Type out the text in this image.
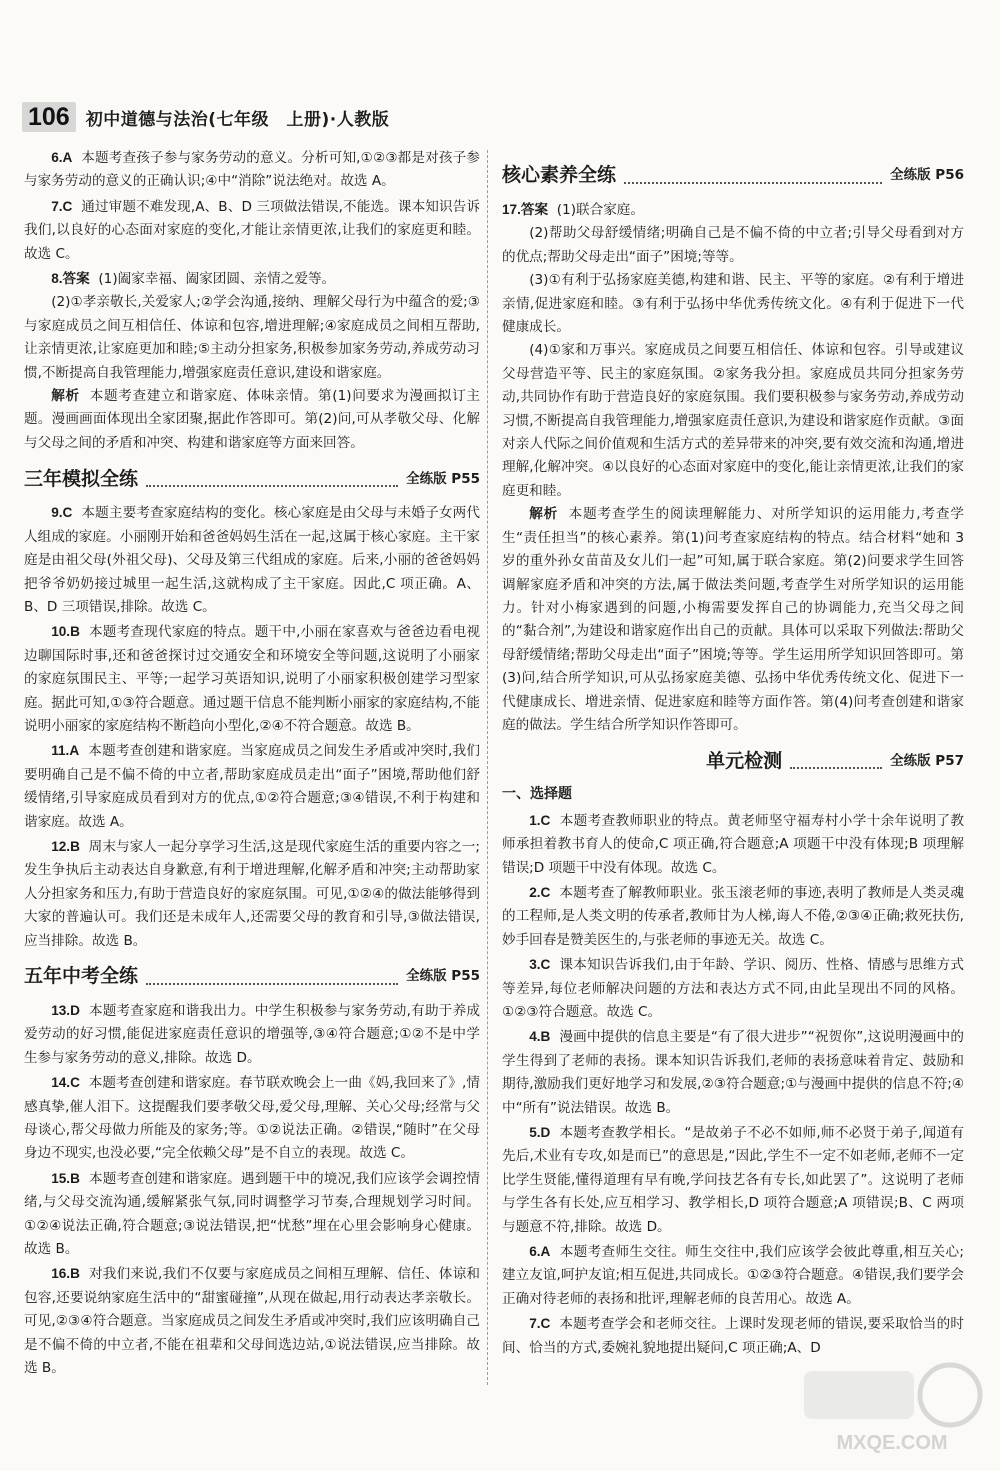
106 初中道德与法治(七年级　上册)·人教版

6.A 本题考查孩子参与家务劳动的意义。分析可知,①②③都是对孩子参与家务劳动的意义的正确认识;④中“消除”说法绝对。故选 A。

7.C 通过审题不难发现,A、B、D 三项做法错误,不能选。课本知识告诉我们,以良好的心态面对家庭的变化,才能让亲情更浓,让我们的家庭更和睦。故选 C。

8.答案 (1)阖家幸福、阖家团圆、亲情之爱等。

(2)①孝亲敬长,关爱家人;②学会沟通,接纳、理解父母行为中蕴含的爱;③与家庭成员之间互相信任、体谅和包容,增进理解;④家庭成员之间相互帮助,让亲情更浓,让家庭更加和睦;⑤主动分担家务,积极参加家务劳动,养成劳动习惯,不断提高自我管理能力,增强家庭责任意识,建设和谐家庭。

解析 本题考查建立和谐家庭、体味亲情。第(1)问要求为漫画拟订主题。漫画画面体现出全家团聚,据此作答即可。第(2)问,可从孝敬父母、化解与父母之间的矛盾和冲突、构建和谐家庭等方面来回答。

三年模拟全练	全练版 P55

9.C 本题主要考查家庭结构的变化。核心家庭是由父母与未婚子女两代人组成的家庭。小丽刚开始和爸爸妈妈生活在一起,这属于核心家庭。主干家庭是由祖父母(外祖父母)、父母及第三代组成的家庭。后来,小丽的爸爸妈妈把爷爷奶奶接过城里一起生活,这就构成了主干家庭。因此,C 项正确。A、B、D 三项错误,排除。故选 C。

10.B 本题考查现代家庭的特点。题干中,小丽在家喜欢与爸爸边看电视边聊国际时事,还和爸爸探讨过交通安全和环境安全等问题,这说明了小丽家的家庭氛围民主、平等;一起学习英语知识,说明了小丽家积极创建学习型家庭。据此可知,①③符合题意。通过题干信息不能判断小丽家的家庭结构,不能说明小丽家的家庭结构不断趋向小型化,②④不符合题意。故选 B。

11.A 本题考查创建和谐家庭。当家庭成员之间发生矛盾或冲突时,我们要明确自己是不偏不倚的中立者,帮助家庭成员走出“面子”困境,帮助他们舒缓情绪,引导家庭成员看到对方的优点,①②符合题意;③④错误,不利于构建和谐家庭。故选 A。

12.B 周末与家人一起分享学习生活,这是现代家庭生活的重要内容之一;发生争执后主动表达自身歉意,有利于增进理解,化解矛盾和冲突;主动帮助家人分担家务和压力,有助于营造良好的家庭氛围。可见,①②④的做法能够得到大家的普遍认可。我们还是未成年人,还需要父母的教育和引导,③做法错误,应当排除。故选 B。

五年中考全练	全练版 P55

13.D 本题考查家庭和谐我出力。中学生积极参与家务劳动,有助于养成爱劳动的好习惯,能促进家庭责任意识的增强等,③④符合题意;①②不是中学生参与家务劳动的意义,排除。故选 D。

14.C 本题考查创建和谐家庭。春节联欢晚会上一曲《妈,我回来了》,情感真挚,催人泪下。这提醒我们要孝敬父母,爱父母,理解、关心父母;经常与父母谈心,帮父母做力所能及的家务;等。①②说法正确。②错误,“随时”在父母身边不现实,也没必要,“完全依赖父母”是不自立的表现。故选 C。

15.B 本题考查创建和谐家庭。遇到题干中的境况,我们应该学会调控情绪,与父母交流沟通,缓解紧张气氛,同时调整学习节奏,合理规划学习时间。①②④说法正确,符合题意;③说法错误,把“忧愁”埋在心里会影响身心健康。故选 B。

16.B 对我们来说,我们不仅要与家庭成员之间相互理解、信任、体谅和包容,还要说纳家庭生活中的“甜蜜碰撞”,从现在做起,用行动表达孝亲敬长。可见,②③④符合题意。当家庭成员之间发生矛盾或冲突时,我们应该明确自己是不偏不倚的中立者,不能在祖辈和父母间选边站,①说法错误,应当排除。故选 B。

核心素养全练	全练版 P56

17.答案 (1)联合家庭。

(2)帮助父母舒缓情绪;明确自己是不偏不倚的中立者;引导父母看到对方的优点;帮助父母走出“面子”困境;等等。

(3)①有利于弘扬家庭美德,构建和谐、民主、平等的家庭。②有利于增进亲情,促进家庭和睦。③有利于弘扬中华优秀传统文化。④有利于促进下一代健康成长。

(4)①家和万事兴。家庭成员之间要互相信任、体谅和包容。引导或建议父母营造平等、民主的家庭氛围。②家务我分担。家庭成员共同分担家务劳动,共同协作有助于营造良好的家庭氛围。我们要积极参与家务劳动,养成劳动习惯,不断提高自我管理能力,增强家庭责任意识,为建设和谐家庭作贡献。③面对亲人代际之间价值观和生活方式的差异带来的冲突,要有效交流和沟通,增进理解,化解冲突。④以良好的心态面对家庭中的变化,能让亲情更浓,让我们的家庭更和睦。

解析 本题考查学生的阅读理解能力、对所学知识的运用能力,考查学生“责任担当”的核心素养。第(1)问考查家庭结构的特点。结合材料“她和 3 岁的重外孙女苗苗及女儿们一起”可知,属于联合家庭。第(2)问要求学生回答调解家庭矛盾和冲突的方法,属于做法类问题,考查学生对所学知识的运用能力。针对小梅家遇到的问题,小梅需要发挥自己的协调能力,充当父母之间的“黏合剂”,为建设和谐家庭作出自己的贡献。具体可以采取下列做法:帮助父母舒缓情绪;帮助父母走出“面子”困境;等等。学生运用所学知识回答即可。第(3)问,结合所学知识,可从弘扬家庭美德、弘扬中华优秀传统文化、促进下一代健康成长、增进亲情、促进家庭和睦等方面作答。第(4)问考查创建和谐家庭的做法。学生结合所学知识作答即可。

单元检测	全练版 P57
一、选择题

1.C 本题考查教师职业的特点。黄老师坚守福寿村小学十余年说明了教师承担着教书育人的使命,C 项正确,符合题意;A 项题干中没有体现;B 项理解错误;D 项题干中没有体现。故选 C。

2.C 本题考查了解教师职业。张玉滚老师的事迹,表明了教师是人类灵魂的工程师,是人类文明的传承者,教师甘为人梯,诲人不倦,②③④正确;救死扶伤,妙手回春是赞美医生的,与张老师的事迹无关。故选 C。

3.C 课本知识告诉我们,由于年龄、学识、阅历、性格、情感与思维方式等差异,每位老师解决问题的方法和表达方式不同,由此呈现出不同的风格。①②③符合题意。故选 C。

4.B 漫画中提供的信息主要是“有了很大进步”“祝贺你”,这说明漫画中的学生得到了老师的表扬。课本知识告诉我们,老师的表扬意味着肯定、鼓励和期待,激励我们更好地学习和发展,②③符合题意;①与漫画中提供的信息不符;④中“所有”说法错误。故选 B。

5.D 本题考查教学相长。“是故弟子不必不如师,师不必贤于弟子,闻道有先后,术业有专攻,如是而已”的意思是,“因此,学生不一定不如老师,老师不一定比学生贤能,懂得道理有早有晚,学问技艺各有专长,如此罢了”。这说明了老师与学生各有长处,应互相学习、教学相长,D 项符合题意;A 项错误;B、C 两项与题意不符,排除。故选 D。

6.A 本题考查师生交往。师生交往中,我们应该学会彼此尊重,相互关心;建立友谊,呵护友谊;相互促进,共同成长。①②③符合题意。④错误,我们要学会正确对待老师的表扬和批评,理解老师的良苦用心。故选 A。

7.C 本题考查学会和老师交往。上课时发现老师的错误,要采取恰当的时间、恰当的方式,委婉礼貌地提出疑问,C 项正确;A、D

MXQE.COM
